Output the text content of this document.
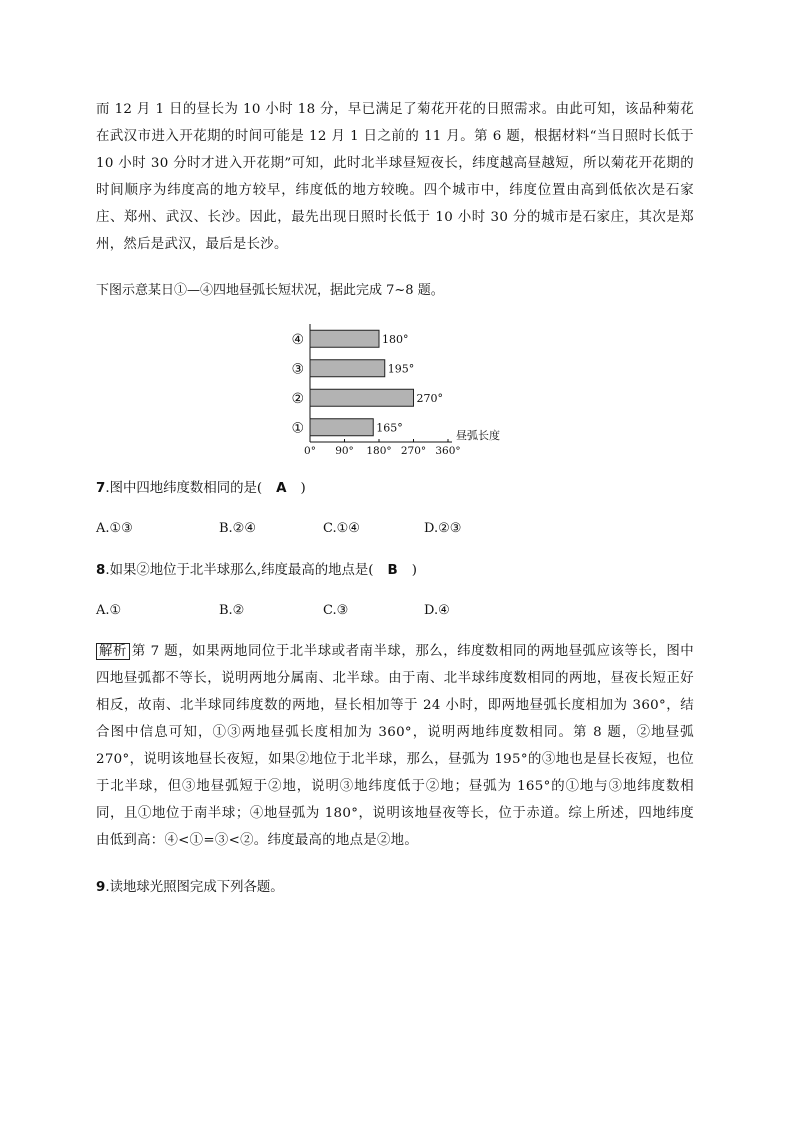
而 12 月 1 日的昼长为 10 小时 18 分，早已满足了菊花开花的日照需求。由此可知，该品种菊花在武汉市进入开花期的时间可能是 12 月 1 日之前的 11 月。第 6 题，根据材料“当日照时长低于 10 小时 30 分时才进入开花期”可知，此时北半球昼短夜长，纬度越高昼越短，所以菊花开花期的时间顺序为纬度高的地方较早，纬度低的地方较晚。四个城市中，纬度位置由高到低依次是石家庄、郑州、武汉、长沙。因此，最先出现日照时长低于 10 小时 30 分的城市是石家庄，其次是郑州，然后是武汉，最后是长沙。
下图示意某日①—④四地昼弧长短状况，据此完成 7~8 题。
0° 90° 180° 270° 360°
昼弧长度
165°
①
270°
②
195°
③
180°
④
7.图中四地纬度数相同的是( A )
A.①③	B.②④	C.①④	D.②③
8.如果②地位于北半球那么,纬度最高的地点是( B )
A.①	B.②	C.③	D.④
解析 第 7 题，如果两地同位于北半球或者南半球，那么，纬度数相同的两地昼弧应该等长，图中四地昼弧都不等长，说明两地分属南、北半球。由于南、北半球纬度数相同的两地，昼夜长短正好相反，故南、北半球同纬度数的两地，昼长相加等于 24 小时，即两地昼弧长度相加为 360°，结合图中信息可知，①③两地昼弧长度相加为 360°，说明两地纬度数相同。第 8 题，②地昼弧 270°，说明该地昼长夜短，如果②地位于北半球，那么，昼弧为 195°的③地也是昼长夜短，也位于北半球，但③地昼弧短于②地，说明③地纬度低于②地；昼弧为 165°的①地与③地纬度数相同，且①地位于南半球；④地昼弧为 180°，说明该地昼夜等长，位于赤道。综上所述，四地纬度由低到高：④<①=③<②。纬度最高的地点是②地。
9.读地球光照图完成下列各题。
